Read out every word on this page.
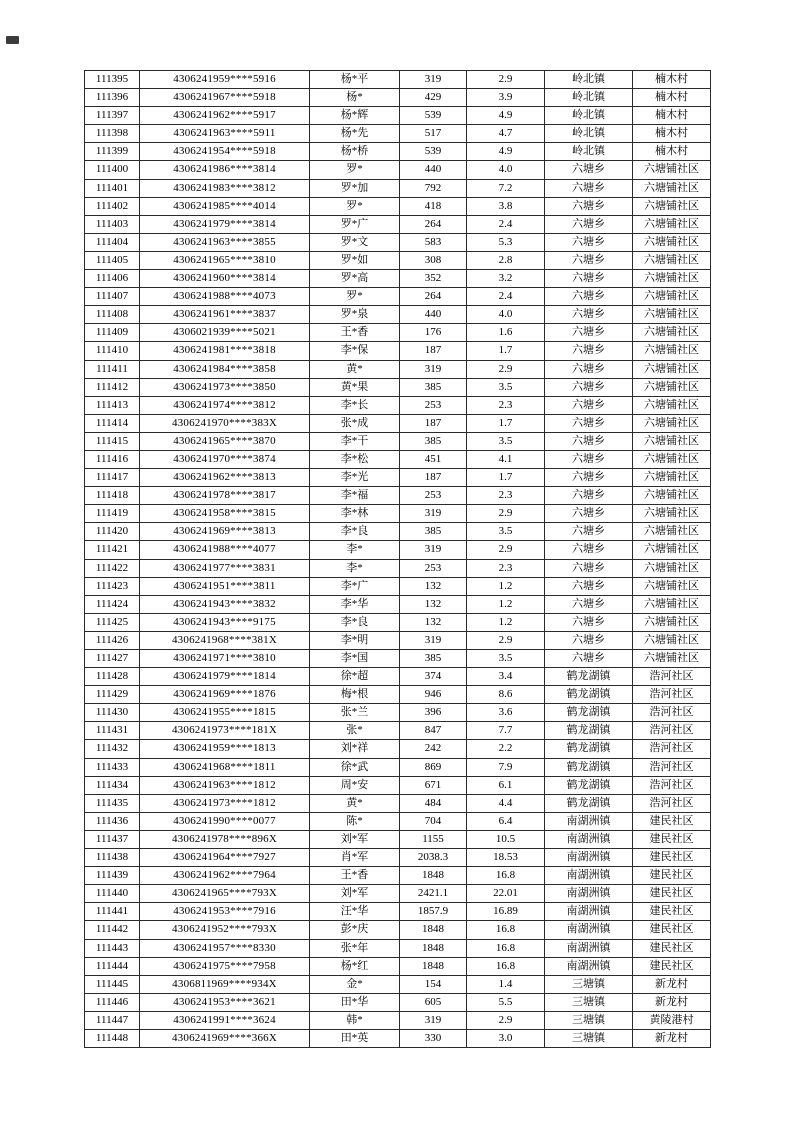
111395	4306241959****5916	杨*平	319	2.9	岭北镇	楠木村
111396	4306241967****5918	杨*	429	3.9	岭北镇	楠木村
111397	4306241962****5917	杨*辉	539	4.9	岭北镇	楠木村
111398	4306241963****5911	杨*先	517	4.7	岭北镇	楠木村
111399	4306241954****5918	杨*桥	539	4.9	岭北镇	楠木村
111400	4306241986****3814	罗*	440	4.0	六塘乡	六塘铺社区
111401	4306241983****3812	罗*加	792	7.2	六塘乡	六塘铺社区
111402	4306241985****4014	罗*	418	3.8	六塘乡	六塘铺社区
111403	4306241979****3814	罗*广	264	2.4	六塘乡	六塘铺社区
111404	4306241963****3855	罗*文	583	5.3	六塘乡	六塘铺社区
111405	4306241965****3810	罗*如	308	2.8	六塘乡	六塘铺社区
111406	4306241960****3814	罗*高	352	3.2	六塘乡	六塘铺社区
111407	4306241988****4073	罗*	264	2.4	六塘乡	六塘铺社区
111408	4306241961****3837	罗*泉	440	4.0	六塘乡	六塘铺社区
111409	4306021939****5021	王*香	176	1.6	六塘乡	六塘铺社区
111410	4306241981****3818	李*保	187	1.7	六塘乡	六塘铺社区
111411	4306241984****3858	黄*	319	2.9	六塘乡	六塘铺社区
111412	4306241973****3850	黄*果	385	3.5	六塘乡	六塘铺社区
111413	4306241974****3812	李*长	253	2.3	六塘乡	六塘铺社区
111414	4306241970****383X	张*成	187	1.7	六塘乡	六塘铺社区
111415	4306241965****3870	李*干	385	3.5	六塘乡	六塘铺社区
111416	4306241970****3874	李*松	451	4.1	六塘乡	六塘铺社区
111417	4306241962****3813	李*光	187	1.7	六塘乡	六塘铺社区
111418	4306241978****3817	李*福	253	2.3	六塘乡	六塘铺社区
111419	4306241958****3815	李*林	319	2.9	六塘乡	六塘铺社区
111420	4306241969****3813	李*良	385	3.5	六塘乡	六塘铺社区
111421	4306241988****4077	李*	319	2.9	六塘乡	六塘铺社区
111422	4306241977****3831	李*	253	2.3	六塘乡	六塘铺社区
111423	4306241951****3811	李*广	132	1.2	六塘乡	六塘铺社区
111424	4306241943****3832	李*华	132	1.2	六塘乡	六塘铺社区
111425	4306241943****9175	李*良	132	1.2	六塘乡	六塘铺社区
111426	4306241968****381X	李*明	319	2.9	六塘乡	六塘铺社区
111427	4306241971****3810	李*国	385	3.5	六塘乡	六塘铺社区
111428	4306241979****1814	徐*超	374	3.4	鹤龙湖镇	浩河社区
111429	4306241969****1876	梅*根	946	8.6	鹤龙湖镇	浩河社区
111430	4306241955****1815	张*兰	396	3.6	鹤龙湖镇	浩河社区
111431	4306241973****181X	张*	847	7.7	鹤龙湖镇	浩河社区
111432	4306241959****1813	刘*祥	242	2.2	鹤龙湖镇	浩河社区
111433	4306241968****1811	徐*武	869	7.9	鹤龙湖镇	浩河社区
111434	4306241963****1812	周*安	671	6.1	鹤龙湖镇	浩河社区
111435	4306241973****1812	黄*	484	4.4	鹤龙湖镇	浩河社区
111436	4306241990****0077	陈*	704	6.4	南湖洲镇	建民社区
111437	4306241978****896X	刘*军	1155	10.5	南湖洲镇	建民社区
111438	4306241964****7927	肖*军	2038.3	18.53	南湖洲镇	建民社区
111439	4306241962****7964	王*香	1848	16.8	南湖洲镇	建民社区
111440	4306241965****793X	刘*军	2421.1	22.01	南湖洲镇	建民社区
111441	4306241953****7916	汪*华	1857.9	16.89	南湖洲镇	建民社区
111442	4306241952****793X	彭*庆	1848	16.8	南湖洲镇	建民社区
111443	4306241957****8330	张*年	1848	16.8	南湖洲镇	建民社区
111444	4306241975****7958	杨*红	1848	16.8	南湖洲镇	建民社区
111445	4306811969****934X	金*	154	1.4	三塘镇	新龙村
111446	4306241953****3621	田*华	605	5.5	三塘镇	新龙村
111447	4306241991****3624	韩*	319	2.9	三塘镇	黄陵港村
111448	4306241969****366X	田*英	330	3.0	三塘镇	新龙村
